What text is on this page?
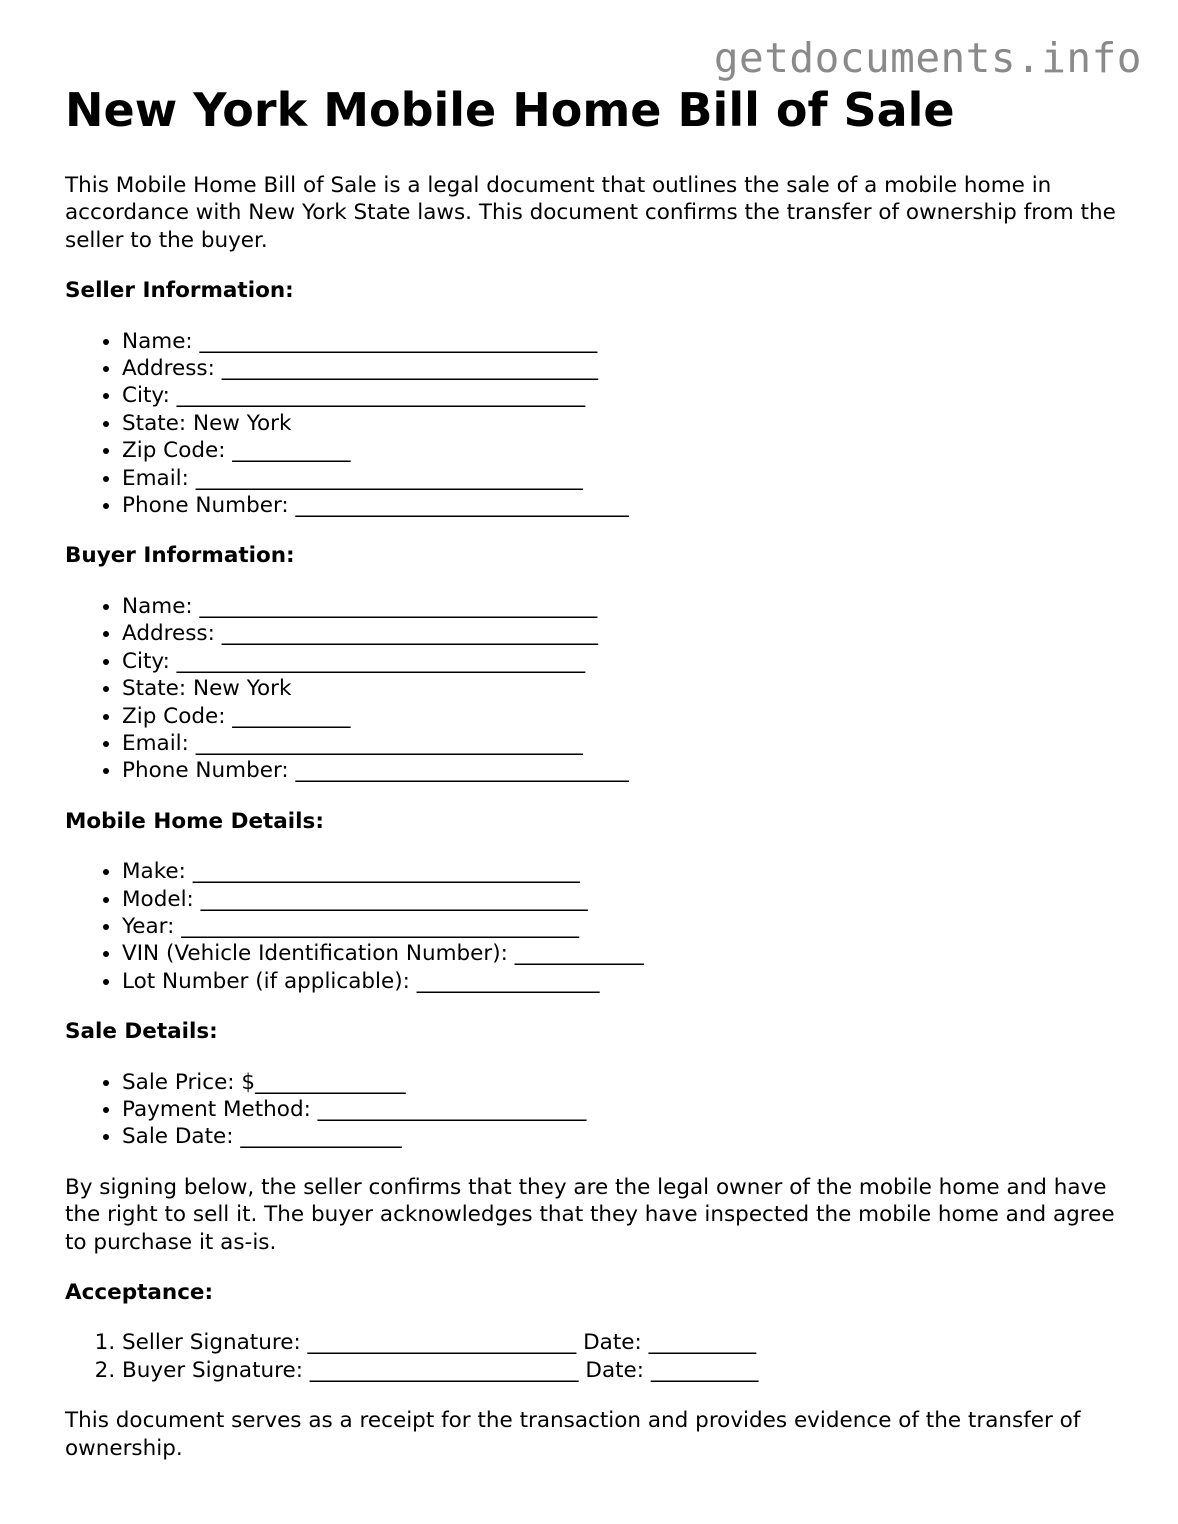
getdocuments.info
New York Mobile Home Bill of Sale

This Mobile Home Bill of Sale is a legal document that outlines the sale of a mobile home in accordance with New York State laws. This document confirms the transfer of ownership from the seller to the buyer.

Seller Information:
• Name: _____________________________________
• Address: ___________________________________
• City: ______________________________________
• State: New York
• Zip Code: ___________
• Email: ____________________________________
• Phone Number: _______________________________
Buyer Information:
• Name: _____________________________________
• Address: ___________________________________
• City: ______________________________________
• State: New York
• Zip Code: ___________
• Email: ____________________________________
• Phone Number: _______________________________
Mobile Home Details:
• Make: ____________________________________
• Model: ____________________________________
• Year: _____________________________________
• VIN (Vehicle Identification Number): ____________
• Lot Number (if applicable): _________________
Sale Details:
• Sale Price: $______________
• Payment Method: _________________________
• Sale Date: _______________

By signing below, the seller confirms that they are the legal owner of the mobile home and have the right to sell it. The buyer acknowledges that they have inspected the mobile home and agree to purchase it as-is.

Acceptance:
1. Seller Signature: _________________________ Date: __________
2. Buyer Signature: _________________________ Date: __________

This document serves as a receipt for the transaction and provides evidence of the transfer of ownership.
